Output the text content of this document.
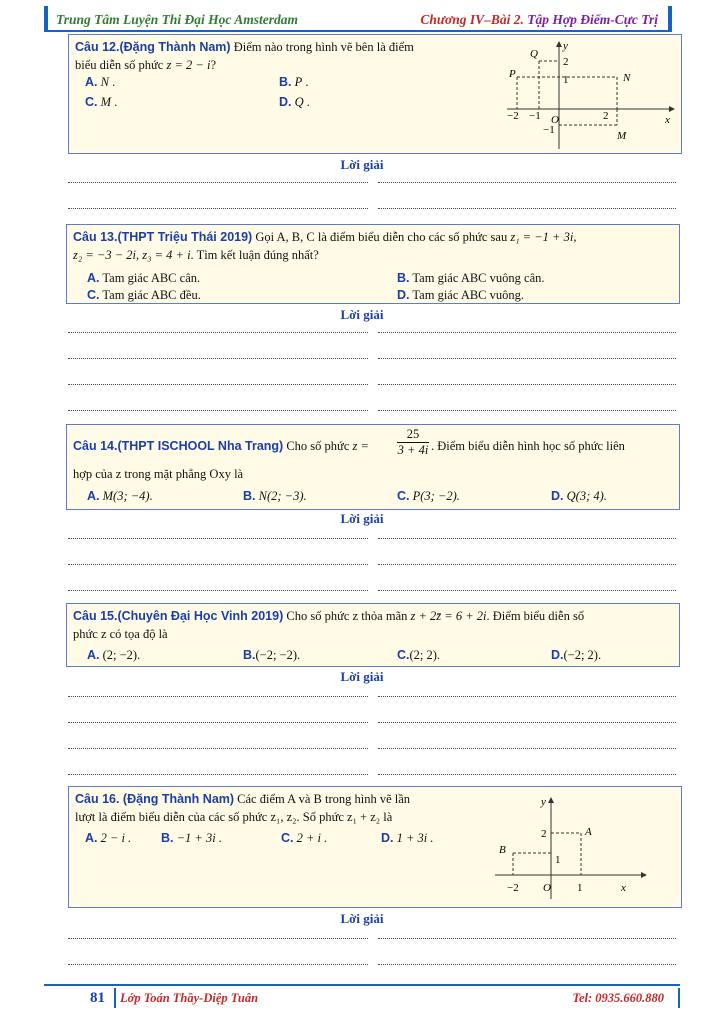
Trung Tâm Luyện Thi Đại Học Amsterdam	Chương IV–Bài 2. Tập Hợp Điểm-Cực Trị
Câu 12.(Đặng Thành Nam) Điểm nào trong hình vẽ bên là điểm
biểu diễn số phức z = 2 − i?
A. N .	B. P .
C. M .	D. Q .
y
x
O
−2 −1	2
2
1
−1
Q
P	N
M
Lời giải
Câu 13.(THPT Triệu Thái 2019) Gọi A, B, C là điểm biểu diễn cho các số phức sau z₁ = −1 + 3i,
z₂ = −3 − 2i, z₃ = 4 + i. Tìm kết luận đúng nhất?
A. Tam giác ABC cân.	B. Tam giác ABC vuông cân.
C. Tam giác ABC đều.	D. Tam giác ABC vuông.
Lời giải
Câu 14.(THPT ISCHOOL Nha Trang) Cho số phức z =
25
3 + 4i . Điểm biểu diễn hình học số phức liên
hợp của z trong mặt phẳng Oxy là
A. M(3; −4).	B. N(2; −3).	C. P(3; −2).	D. Q(3; 4).
Lời giải
Câu 15.(Chuyên Đại Học Vinh 2019) Cho số phức z thỏa mãn z + 2z̄ = 6 + 2i. Điểm biểu diễn số
phức z có tọa độ là
A. (2; −2).	B.(−2; −2).	C.(2; 2).	D.(−2; 2).
Lời giải
Câu 16. (Đặng Thành Nam) Các điểm A và B trong hình vẽ lần
lượt là điểm biểu diễn của các số phức z₁, z₂. Số phức z₁ + z₂ là
A. 2 − i . B. −1 + 3i .	C. 2 + i .	D. 1 + 3i .
y
x
O
−2	1
2
1
A
B
Lời giải
81 Lớp Toán Thầy-Diệp Tuân	Tel: 0935.660.880
